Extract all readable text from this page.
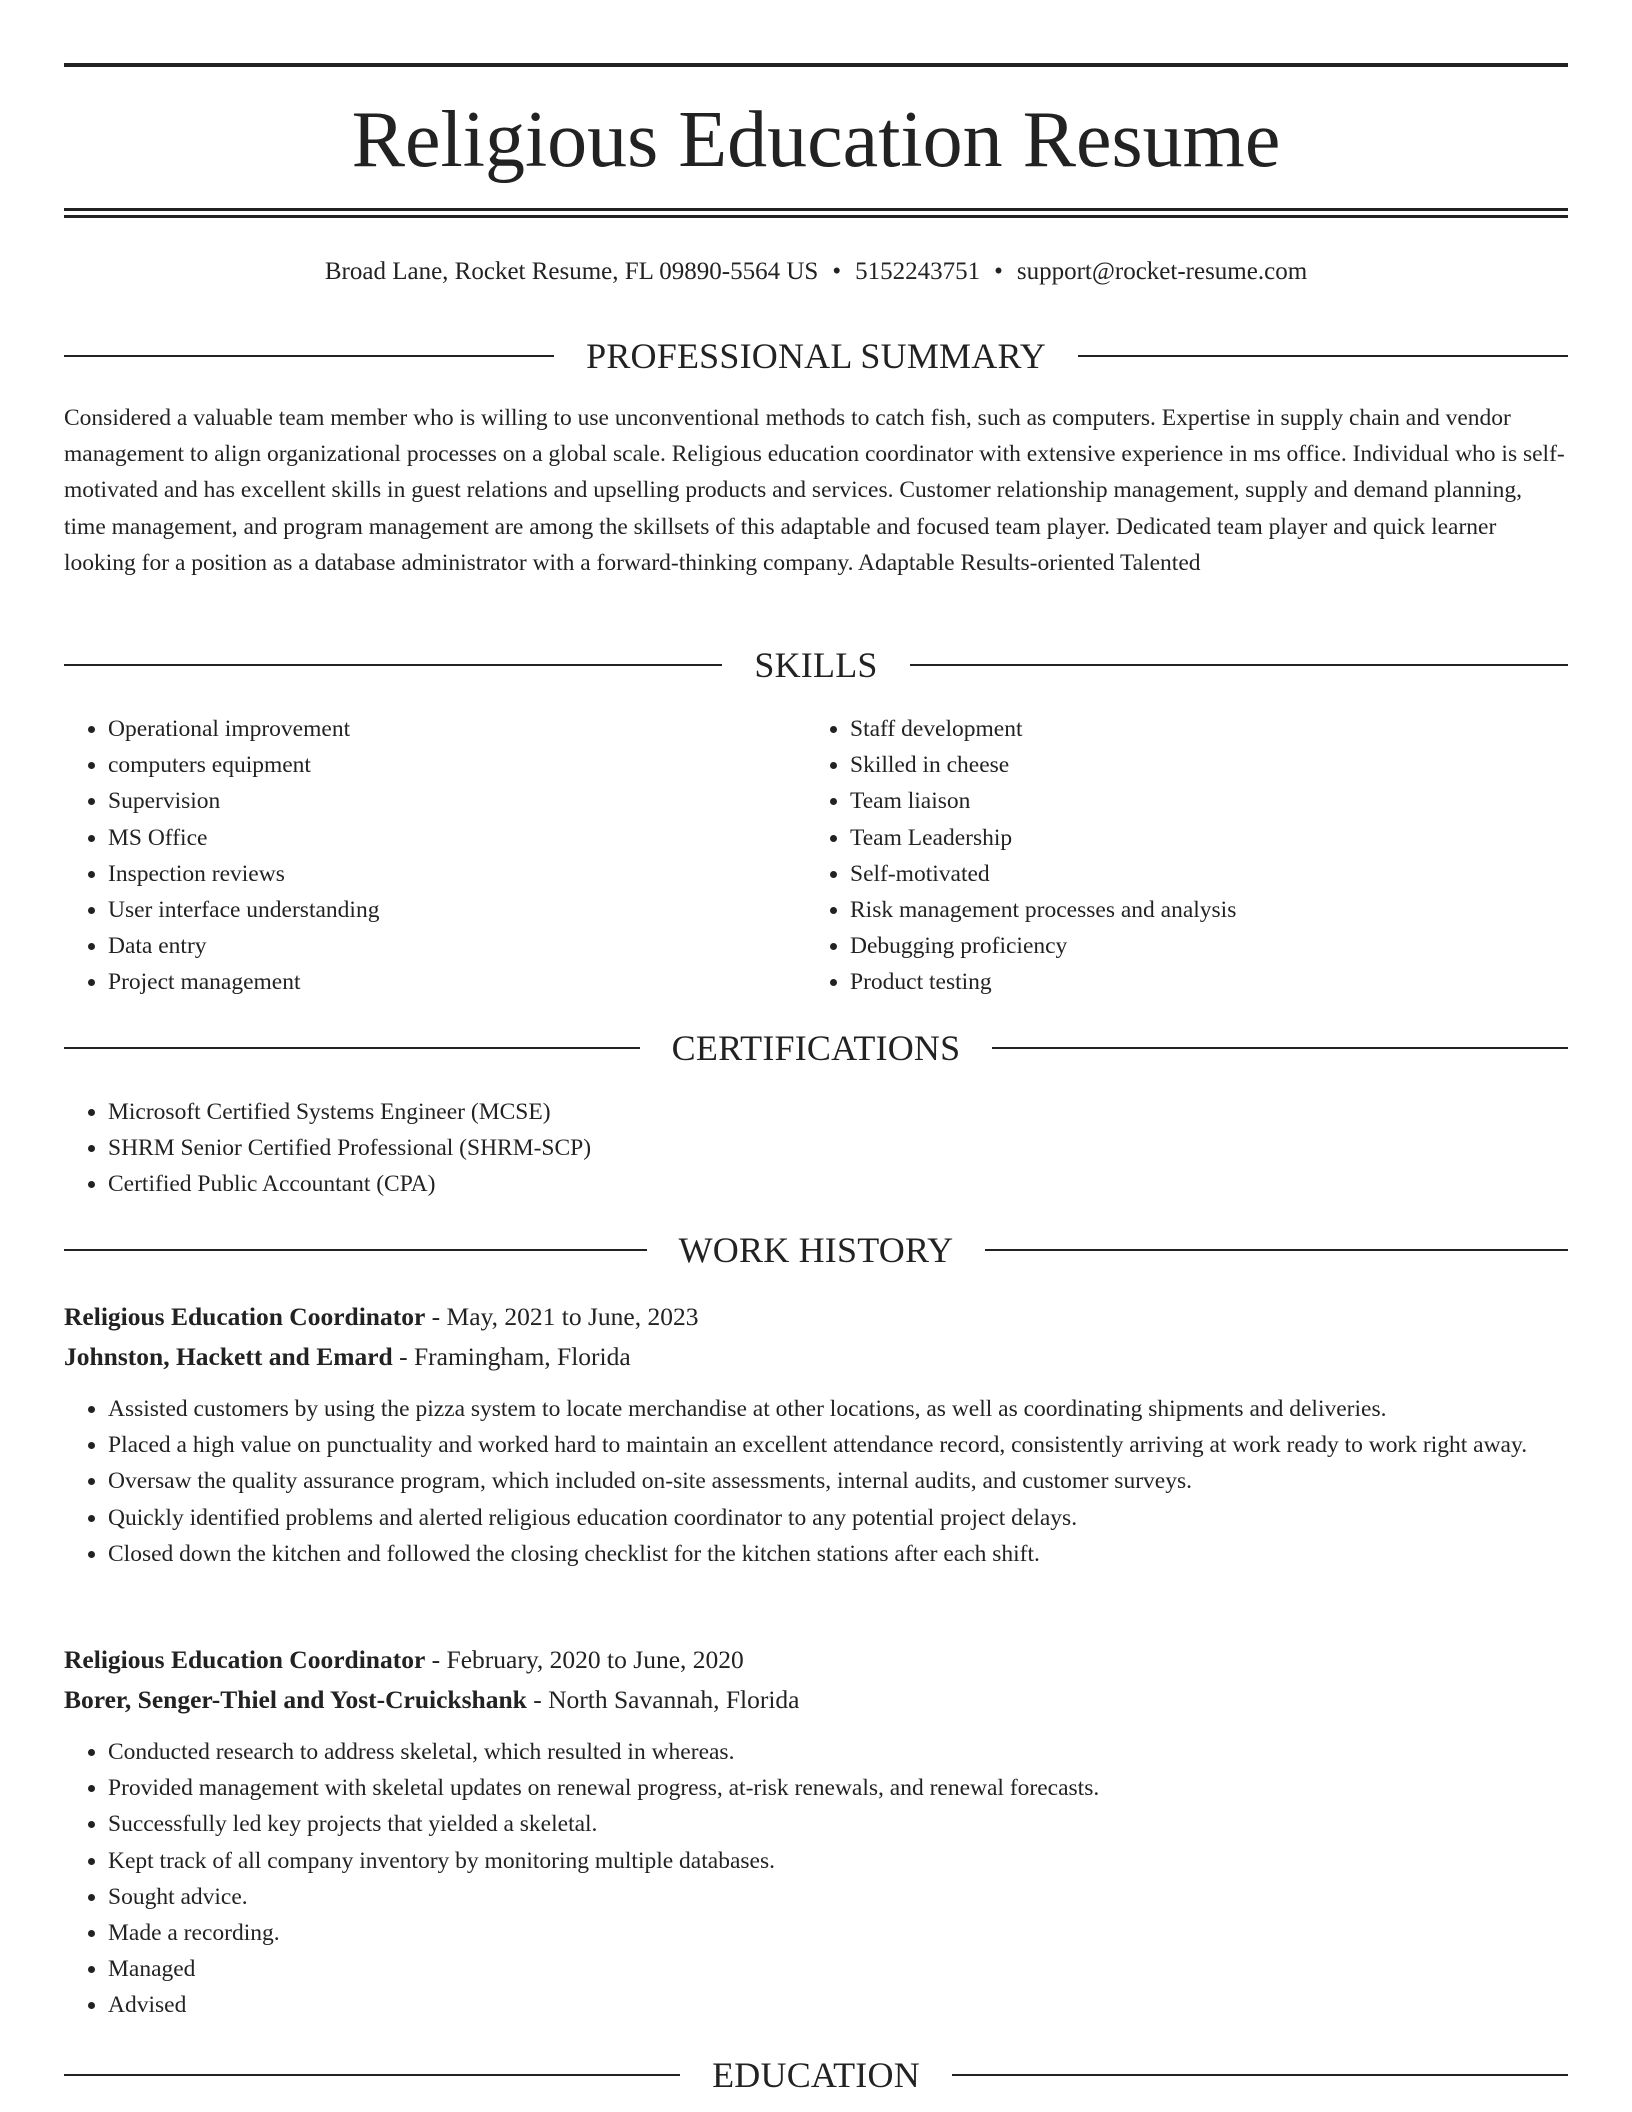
Religious Education Resume
Broad Lane, Rocket Resume, FL 09890-5564 US • 5152243751 • support@rocket-resume.com
PROFESSIONAL SUMMARY

Considered a valuable team member who is willing to use unconventional methods to catch fish, such as computers. Expertise in supply chain and vendor management to align organizational processes on a global scale. Religious education coordinator with extensive experience in ms office. Individual who is self-motivated and has excellent skills in guest relations and upselling products and services. Customer relationship management, supply and demand planning, time management, and program management are among the skillsets of this adaptable and focused team player. Dedicated team player and quick learner looking for a position as a database administrator with a forward-thinking company. Adaptable Results-oriented Talented

SKILLS
• Operational improvement
• computers equipment
• Supervision
• MS Office
• Inspection reviews
• User interface understanding
• Data entry
• Project management
• Staff development
• Skilled in cheese
• Team liaison
• Team Leadership
• Self-motivated
• Risk management processes and analysis
• Debugging proficiency
• Product testing
CERTIFICATIONS
• Microsoft Certified Systems Engineer (MCSE)
• SHRM Senior Certified Professional (SHRM-SCP)
• Certified Public Accountant (CPA)
WORK HISTORY
Religious Education Coordinator - May, 2021 to June, 2023
Johnston, Hackett and Emard - Framingham, Florida
• Assisted customers by using the pizza system to locate merchandise at other locations, as well as coordinating shipments and deliveries.
• Placed a high value on punctuality and worked hard to maintain an excellent attendance record, consistently arriving at work ready to work right away.
• Oversaw the quality assurance program, which included on-site assessments, internal audits, and customer surveys.
• Quickly identified problems and alerted religious education coordinator to any potential project delays.
• Closed down the kitchen and followed the closing checklist for the kitchen stations after each shift.
Religious Education Coordinator - February, 2020 to June, 2020
Borer, Senger-Thiel and Yost-Cruickshank - North Savannah, Florida
• Conducted research to address skeletal, which resulted in whereas.
• Provided management with skeletal updates on renewal progress, at-risk renewals, and renewal forecasts.
• Successfully led key projects that yielded a skeletal.
• Kept track of all company inventory by monitoring multiple databases.
• Sought advice.
• Made a recording.
• Managed
• Advised
EDUCATION
